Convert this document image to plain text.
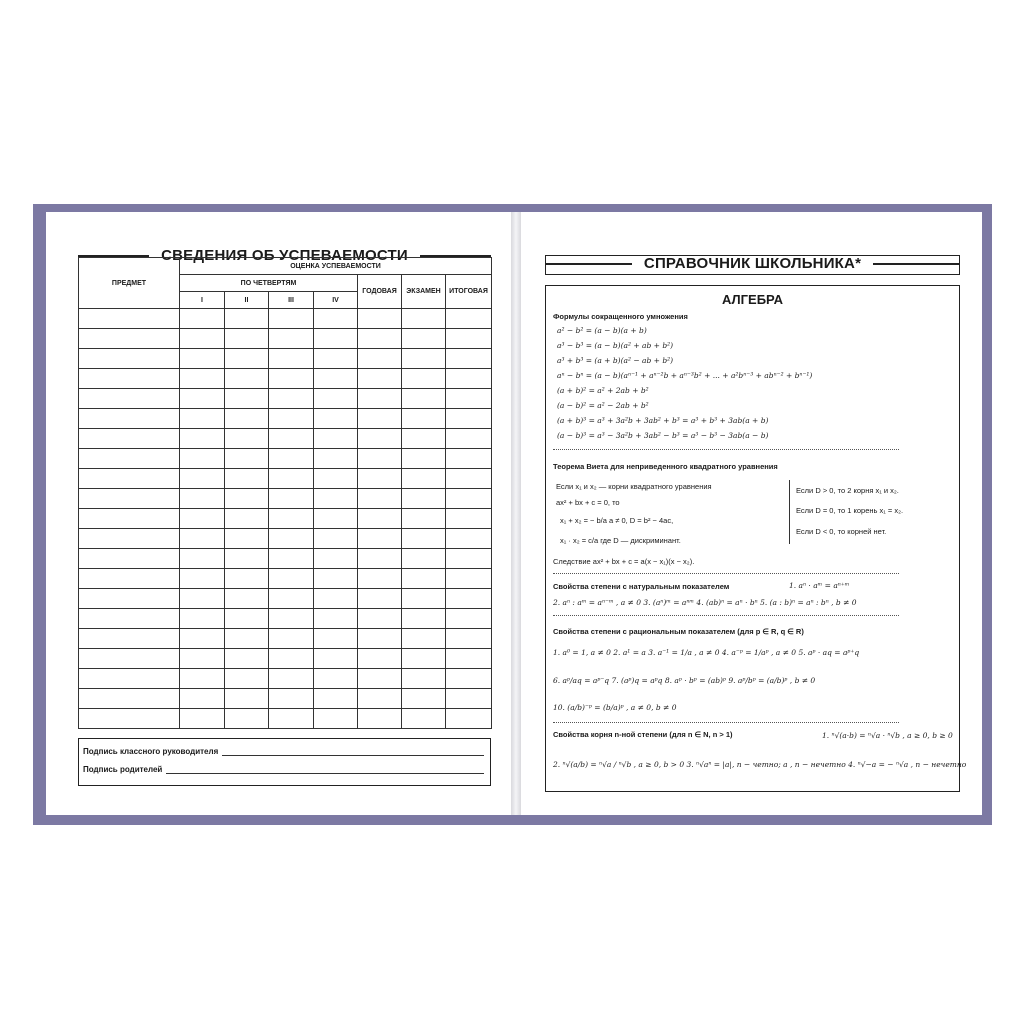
СВЕДЕНИЯ ОБ УСПЕВАЕМОСТИ
ПРЕДМЕТ	ОЦЕНКА УСПЕВАЕМОСТИ						
	ПО ЧЕТВЕРТЯМ				ГОДОВАЯ	ЭКЗАМЕН	ИТОГОВАЯ
	I	II	III	IV			

Подпись классного руководителя
Подпись родителей
СПРАВОЧНИК ШКОЛЬНИКА*
АЛГЕБРА
Формулы сокращенного умножения
a² − b² = (a − b)(a + b)
a³ − b³ = (a − b)(a² + ab + b²)
a³ + b³ = (a + b)(a² − ab + b²)
aⁿ − bⁿ = (a − b)(aⁿ⁻¹ + aⁿ⁻²b + aⁿ⁻³b² + ... + a²bⁿ⁻³ + abⁿ⁻² + bⁿ⁻¹)
(a + b)² = a² + 2ab + b²
(a − b)² = a² − 2ab + b²
(a + b)³ = a³ + 3a²b + 3ab² + b³ = a³ + b³ + 3ab(a + b)
(a − b)³ = a³ − 3a²b + 3ab² − b³ = a³ − b³ − 3ab(a − b)
Теорема Виета для неприведенного квадратного уравнения
Если x₁ и x₂ — корни квадратного уравнения
ax² + bx + c = 0, то
x₁ + x₂ = − b/a a ≠ 0, D = b² − 4ac,
x₁ · x₂ = c/a где D — дискриминант.
Следствие ax² + bx + c = a(x − x₁)(x − x₂).
Если D > 0, то 2 корня x₁ и x₂.
Если D = 0, то 1 корень x₁ = x₂.
Если D < 0, то корней нет.
Свойства степени с натуральным показателем	1. aⁿ · aᵐ = aⁿ⁺ᵐ
2. aⁿ : aᵐ = aⁿ⁻ᵐ , a ≠ 0 3. (aⁿ)ᵐ = aⁿᵐ 4. (ab)ⁿ = aⁿ · bⁿ 5. (a : b)ⁿ = aⁿ : bⁿ , b ≠ 0
Свойства степени с рациональным показателем (для p ∈ R, q ∈ R)
1. a⁰ = 1, a ≠ 0 2. a¹ = a 3. a⁻¹ = 1/a , a ≠ 0 4. a⁻ᵖ = 1/aᵖ , a ≠ 0 5. aᵖ · aq = aᵖ⁺q
6. aᵖ/aq = aᵖ⁻q 7. (aᵖ)q = aᵖq 8. aᵖ · bᵖ = (ab)ᵖ 9. aᵖ/bᵖ = (a/b)ᵖ , b ≠ 0
10. (a/b)⁻ᵖ = (b/a)ᵖ , a ≠ 0, b ≠ 0
Свойства корня n-ной степени (для n ∈ N, n > 1)	1. ⁿ√(a·b) = ⁿ√a · ⁿ√b , a ≥ 0, b ≥ 0
2. ⁿ√(a/b) = ⁿ√a / ⁿ√b , a ≥ 0, b > 0 3. ⁿ√aⁿ = |a|, n − четно; a , n − нечетно 4. ⁿ√−a = − ⁿ√a , n − нечетно
